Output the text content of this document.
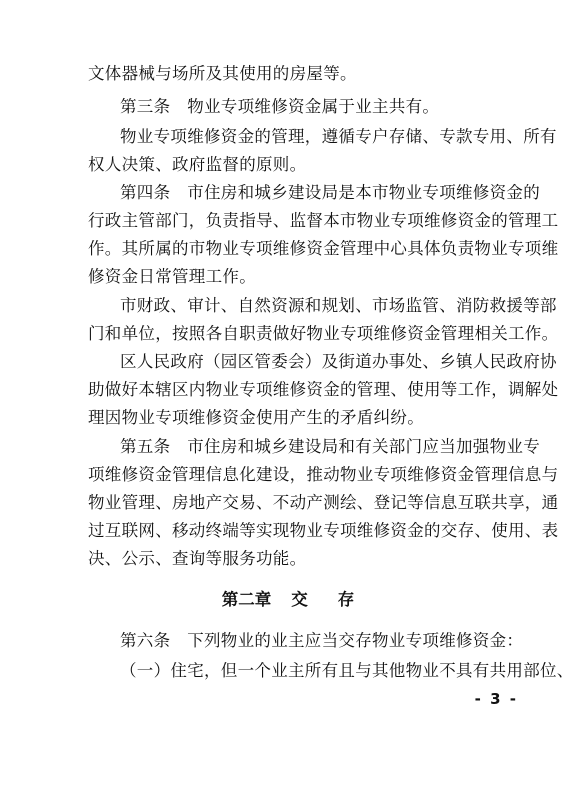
文体器械与场所及其使用的房屋等。
第三条　物业专项维修资金属于业主共有。
物业专项维修资金的管理，遵循专户存储、专款专用、所有
权人决策、政府监督的原则。
第四条　市住房和城乡建设局是本市物业专项维修资金的
行政主管部门，负责指导、监督本市物业专项维修资金的管理工
作。其所属的市物业专项维修资金管理中心具体负责物业专项维
修资金日常管理工作。
市财政、审计、自然资源和规划、市场监管、消防救援等部
门和单位，按照各自职责做好物业专项维修资金管理相关工作。
区人民政府（园区管委会）及街道办事处、乡镇人民政府协
助做好本辖区内物业专项维修资金的管理、使用等工作，调解处
理因物业专项维修资金使用产生的矛盾纠纷。
第五条　市住房和城乡建设局和有关部门应当加强物业专
项维修资金管理信息化建设，推动物业专项维修资金管理信息与
物业管理、房地产交易、不动产测绘、登记等信息互联共享，通
过互联网、移动终端等实现物业专项维修资金的交存、使用、表
决、公示、查询等服务功能。
第二章 交 存
第六条　下列物业的业主应当交存物业专项维修资金：
（一）住宅，但一个业主所有且与其他物业不具有共用部位、
- 3 -
